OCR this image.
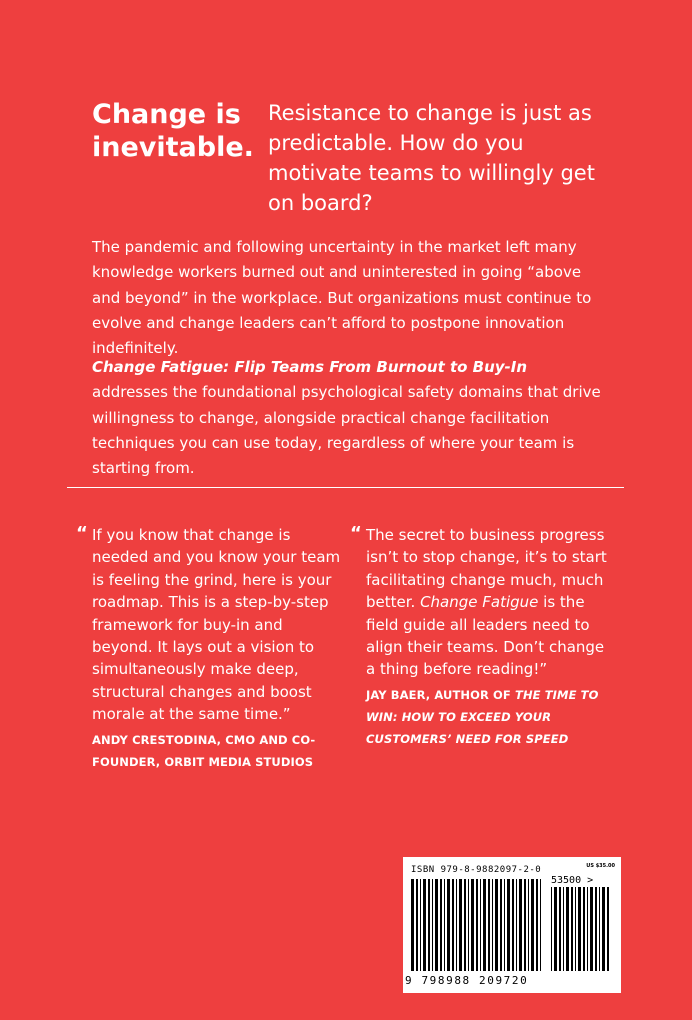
Change is inevitable.
Resistance to change is just as predictable. How do you motivate teams to willingly get on board?

The pandemic and following uncertainty in the market left many knowledge workers burned out and uninterested in going “above and beyond” in the workplace. But organizations must continue to evolve and change leaders can’t afford to postpone innovation indefinitely.

Change Fatigue: Flip Teams From Burnout to Buy-In addresses the foundational psychological safety domains that drive willingness to change, alongside practical change facilitation techniques you can use today, regardless of where your team is starting from.

“ If you know that change is needed and you know your team is feeling the grind, here is your roadmap. This is a step-by-step framework for buy-in and beyond. It lays out a vision to simultaneously make deep, structural changes and boost morale at the same time.”

ANDY CRESTODINA, CMO AND CO-FOUNDER, ORBIT MEDIA STUDIOS

“ The secret to business progress isn’t to stop change, it’s to start facilitating change much, much better. Change Fatigue is the field guide all leaders need to align their teams. Don’t change a thing before reading!”

JAY BAER, AUTHOR OF THE TIME TO WIN: HOW TO EXCEED YOUR CUSTOMERS’ NEED FOR SPEED

ISBN 979-8-9882097-2-0	US $35.00
53500 >
9 798988 209720
